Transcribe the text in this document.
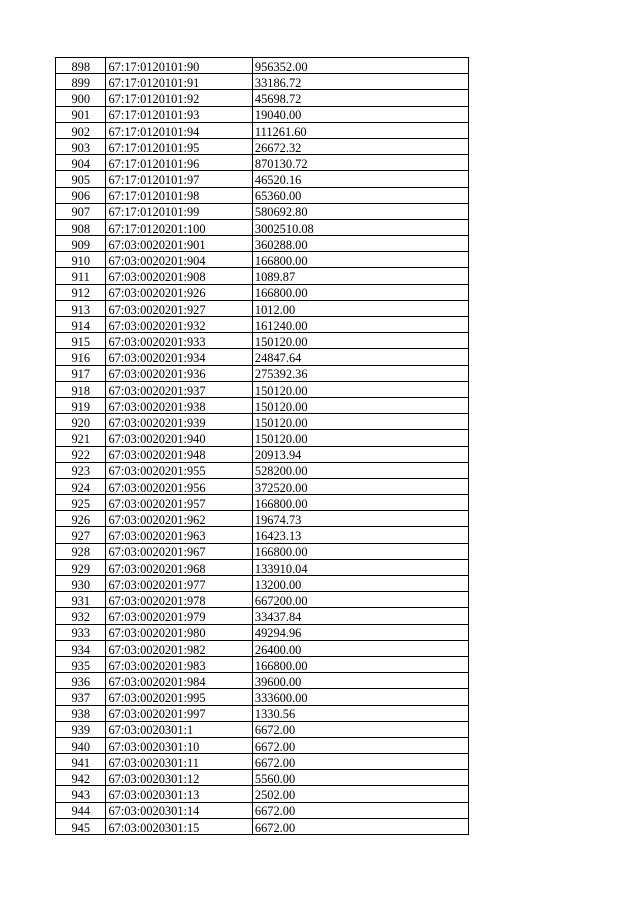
898	67:17:0120101:90	956352.00
899	67:17:0120101:91	33186.72
900	67:17:0120101:92	45698.72
901	67:17:0120101:93	19040.00
902	67:17:0120101:94	111261.60
903	67:17:0120101:95	26672.32
904	67:17:0120101:96	870130.72
905	67:17:0120101:97	46520.16
906	67:17:0120101:98	65360.00
907	67:17:0120101:99	580692.80
908	67:17:0120201:100	3002510.08
909	67:03:0020201:901	360288.00
910	67:03:0020201:904	166800.00
911	67:03:0020201:908	1089.87
912	67:03:0020201:926	166800.00
913	67:03:0020201:927	1012.00
914	67:03:0020201:932	161240.00
915	67:03:0020201:933	150120.00
916	67:03:0020201:934	24847.64
917	67:03:0020201:936	275392.36
918	67:03:0020201:937	150120.00
919	67:03:0020201:938	150120.00
920	67:03:0020201:939	150120.00
921	67:03:0020201:940	150120.00
922	67:03:0020201:948	20913.94
923	67:03:0020201:955	528200.00
924	67:03:0020201:956	372520.00
925	67:03:0020201:957	166800.00
926	67:03:0020201:962	19674.73
927	67:03:0020201:963	16423.13
928	67:03:0020201:967	166800.00
929	67:03:0020201:968	133910.04
930	67:03:0020201:977	13200.00
931	67:03:0020201:978	667200.00
932	67:03:0020201:979	33437.84
933	67:03:0020201:980	49294.96
934	67:03:0020201:982	26400.00
935	67:03:0020201:983	166800.00
936	67:03:0020201:984	39600.00
937	67:03:0020201:995	333600.00
938	67:03:0020201:997	1330.56
939	67:03:0020301:1	6672.00
940	67:03:0020301:10	6672.00
941	67:03:0020301:11	6672.00
942	67:03:0020301:12	5560.00
943	67:03:0020301:13	2502.00
944	67:03:0020301:14	6672.00
945	67:03:0020301:15	6672.00
